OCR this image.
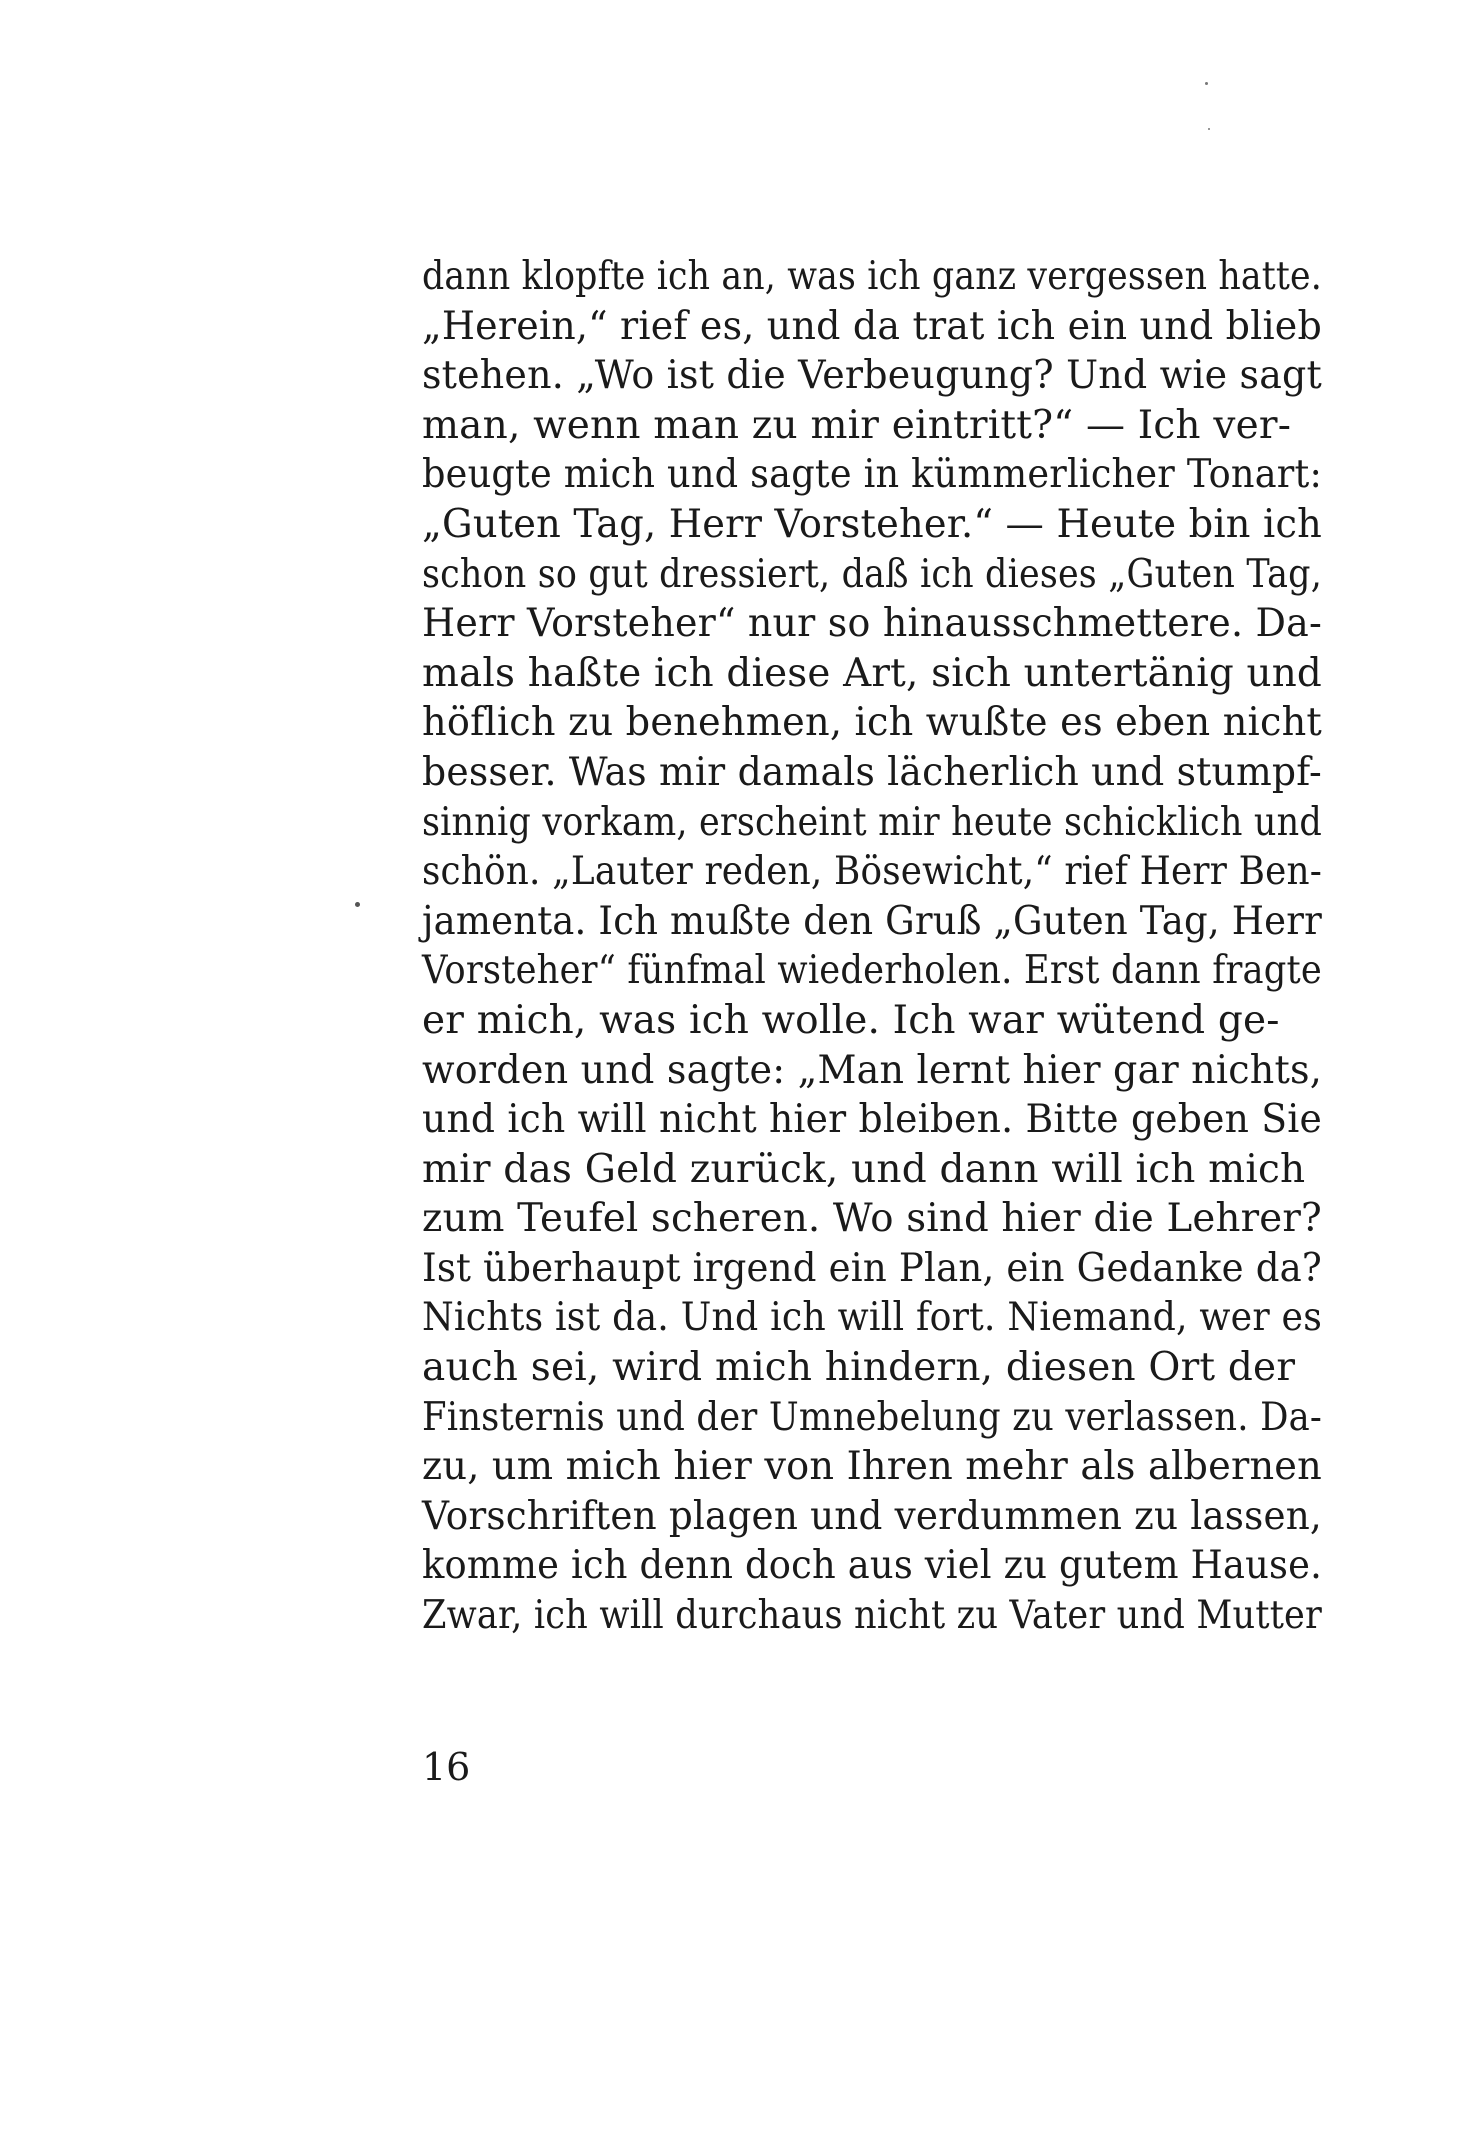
dann klopfte ich an, was ich ganz vergessen hatte.
„Herein,“ rief es, und da trat ich ein und blieb
stehen. „Wo ist die Verbeugung? Und wie sagt
man, wenn man zu mir eintritt?“ — Ich ver-
beugte mich und sagte in kümmerlicher Tonart:
„Guten Tag, Herr Vorsteher.“ — Heute bin ich
schon so gut dressiert, daß ich dieses „Guten Tag,
Herr Vorsteher“ nur so hinausschmettere. Da-
mals haßte ich diese Art, sich untertänig und
höflich zu benehmen, ich wußte es eben nicht
besser. Was mir damals lächerlich und stumpf-
sinnig vorkam, erscheint mir heute schicklich und
schön. „Lauter reden, Bösewicht,“ rief Herr Ben-
jamenta. Ich mußte den Gruß „Guten Tag, Herr
Vorsteher“ fünfmal wiederholen. Erst dann fragte
er mich, was ich wolle. Ich war wütend ge-
worden und sagte: „Man lernt hier gar nichts,
und ich will nicht hier bleiben. Bitte geben Sie
mir das Geld zurück, und dann will ich mich
zum Teufel scheren. Wo sind hier die Lehrer?
Ist überhaupt irgend ein Plan, ein Gedanke da?
Nichts ist da. Und ich will fort. Niemand, wer es
auch sei, wird mich hindern, diesen Ort der
Finsternis und der Umnebelung zu verlassen. Da-
zu, um mich hier von Ihren mehr als albernen
Vorschriften plagen und verdummen zu lassen,
komme ich denn doch aus viel zu gutem Hause.
Zwar, ich will durchaus nicht zu Vater und Mutter
16
